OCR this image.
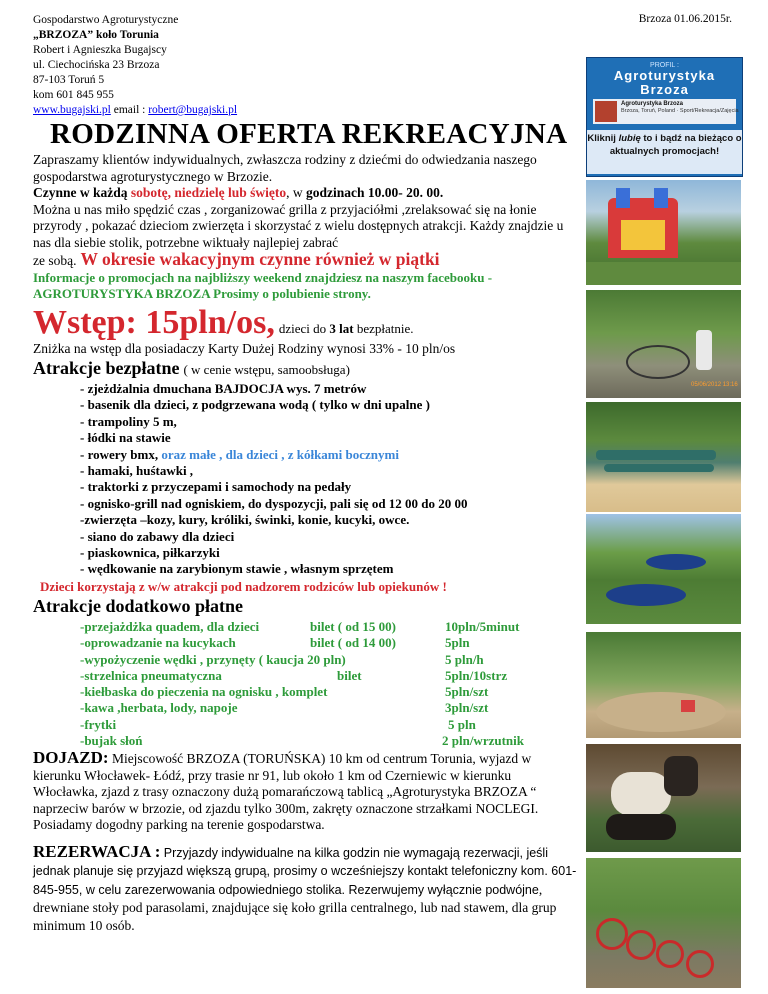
Gospodarstwo Agroturystyczne
„BRZOZA” koło Torunia
Robert i Agnieszka Bugajscy
ul. Ciechocińska 23 Brzoza
87-103 Toruń 5
kom 601 845 955
www.bugajski.pl email : robert@bugajski.pl
Brzoza 01.06.2015r.
RODZINNA OFERTA REKREACYJNA
Zapraszamy klientów indywidualnych, zwłaszcza rodziny z dziećmi do odwiedzania naszego gospodarstwa agroturystycznego w Brzozie.
Czynne w każdą sobotę, niedzielę lub święto, w godzinach 10.00- 20. 00.
Można u nas miło spędzić czas , zorganizować grilla z przyjaciółmi ,zrelaksować się na łonie przyrody , pokazać dzieciom zwierzęta i skorzystać z wielu dostępnych atrakcji. Każdy znajdzie u nas dla siebie stolik, potrzebne wiktuały najlepiej zabrać
ze sobą. W okresie wakacyjnym czynne również w piątki
Informacje o promocjach na najbliższy weekend znajdziesz na naszym facebooku -AGROTURYSTYKA BRZOZA Prosimy o polubienie strony.
Wstęp: 15pln/os, dzieci do 3 lat bezpłatnie.
Zniżka na wstęp dla posiadaczy Karty Dużej Rodziny wynosi 33% - 10 pln/os
Atrakcje bezpłatne ( w cenie wstępu, samoobsługa)
- zjeżdżalnia dmuchana BAJDOCJA wys. 7 metrów
- basenik dla dzieci, z podgrzewana wodą ( tylko w dni upalne )
- trampoliny 5 m,
- łódki na stawie
- rowery bmx, oraz małe , dla dzieci , z kółkami bocznymi
- hamaki, huśtawki ,
- traktorki z przyczepami i samochody na pedały
- ognisko-grill nad ogniskiem, do dyspozycji, pali się od 12 00 do 20 00
-zwierzęta –kozy, kury, króliki, świnki, konie, kucyki, owce.
- siano do zabawy dla dzieci
- piaskownica, piłkarzyki
- wędkowanie na zarybionym stawie , własnym sprzętem
Dzieci korzystają z w/w atrakcji pod nadzorem rodziców lub opiekunów !
Atrakcje dodatkowo płatne
-przejażdżka quadem, dla dzieci	bilet ( od 15 00)	10pln/5minut
-oprowadzanie na kucykach	bilet ( od 14 00)	5pln
-wypożyczenie wędki , przynęty ( kaucja 20 pln)	5 pln/h
-strzelnica pneumatyczna	bilet	5pln/10strz
-kiełbaska do pieczenia na ognisku , komplet	5pln/szt
-kawa ,herbata, lody, napoje	3pln/szt
-frytki	5 pln
-bujak słoń	2 pln/wrzutnik
DOJAZD: Miejscowość BRZOZA (TORUŃSKA) 10 km od centrum Torunia, wyjazd w kierunku Włocławek- Łódź, przy trasie nr 91, lub około 1 km od Czerniewic w kierunku Włocławka, zjazd z trasy oznaczony dużą pomarańczową tablicą „Agroturystyka BRZOZA “ naprzeciw barów w brzozie, od zjazdu tylko 300m, zakręty oznaczone strzałkami NOCLEGI. Posiadamy dogodny parking na terenie gospodarstwa.
REZERWACJA : Przyjazdy indywidualne na kilka godzin nie wymagają rezerwacji, jeśli jednak planuje się przyjazd większą grupą, prosimy o wcześniejszy kontakt telefoniczny kom. 601-845-955, w celu zarezerwowania odpowiedniego stolika. Rezerwujemy wyłącznie podwójne, drewniane stoły pod parasolami, znajdujące się koło grilla centralnego, lub nad stawem, dla grup minimum 10 osób.
PROFIL :
Agroturystyka
Brzoza
Agroturystyka Brzoza
Brzoza, Toruń, Poland · Sport/Rekreacja/Zajęcia
Kliknij lubię to i bądź na bieżąco o aktualnych promocjach!
05/06/2012 13:16
